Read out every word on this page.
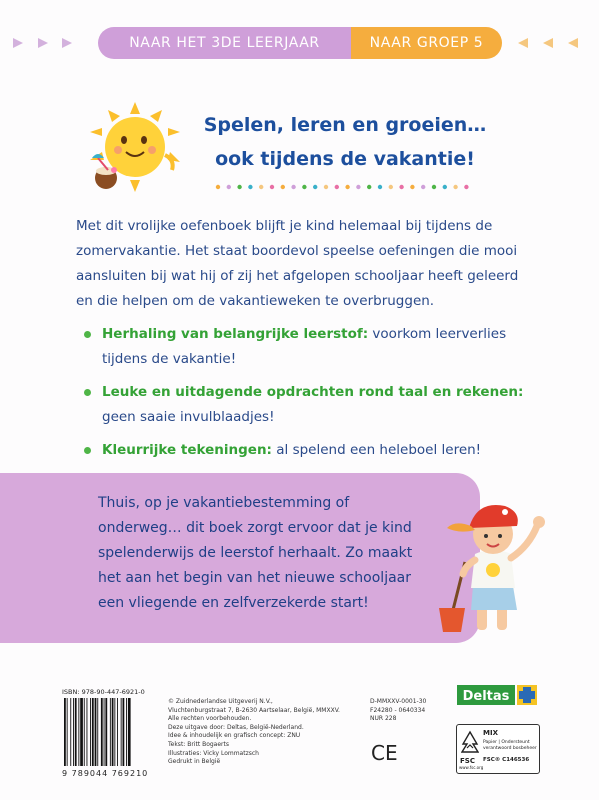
NAAR HET 3DE LEERJAAR	NAAR GROEP 5
Spelen, leren en groeien…
ook tijdens de vakantie!
Met dit vrolijke oefenboek blijft je kind helemaal bij tijdens de zomervakantie. Het staat boordevol speelse oefeningen die mooi aansluiten bij wat hij of zij het afgelopen schooljaar heeft geleerd en die helpen om de vakantieweken te overbruggen.
Herhaling van belangrijke leerstof: voorkom leerverlies tijdens de vakantie!
Leuke en uitdagende opdrachten rond taal en rekenen: geen saaie invulblaadjes!
Kleurrijke tekeningen: al spelend een heleboel leren!
Thuis, op je vakantiebestemming of onderweg… dit boek zorgt ervoor dat je kind spelenderwijs de leerstof herhaalt. Zo maakt het aan het begin van het nieuwe schooljaar een vliegende en zelfverzekerde start!
ISBN: 978-90-447-6921-0
9 789044 769210
© Zuidnederlandse Uitgeverij N.V.,
Vluchtenburgstraat 7, B-2630 Aartselaar, België, MMXXV.
Alle rechten voorbehouden.
Deze uitgave door: Deltas, België-Nederland.
Idee & inhoudelijk en grafisch concept: ZNU
Tekst: Britt Bogaerts
Illustraties: Vicky Lommatzsch
Gedrukt in België
D-MMXXV-0001-30
F24280 - 0640334
NUR 228
Deltas
CE	FSC
www.fsc.org
MIX
Papier | Ondersteunt
verantwoord bosbeheer
FSC® C146536
